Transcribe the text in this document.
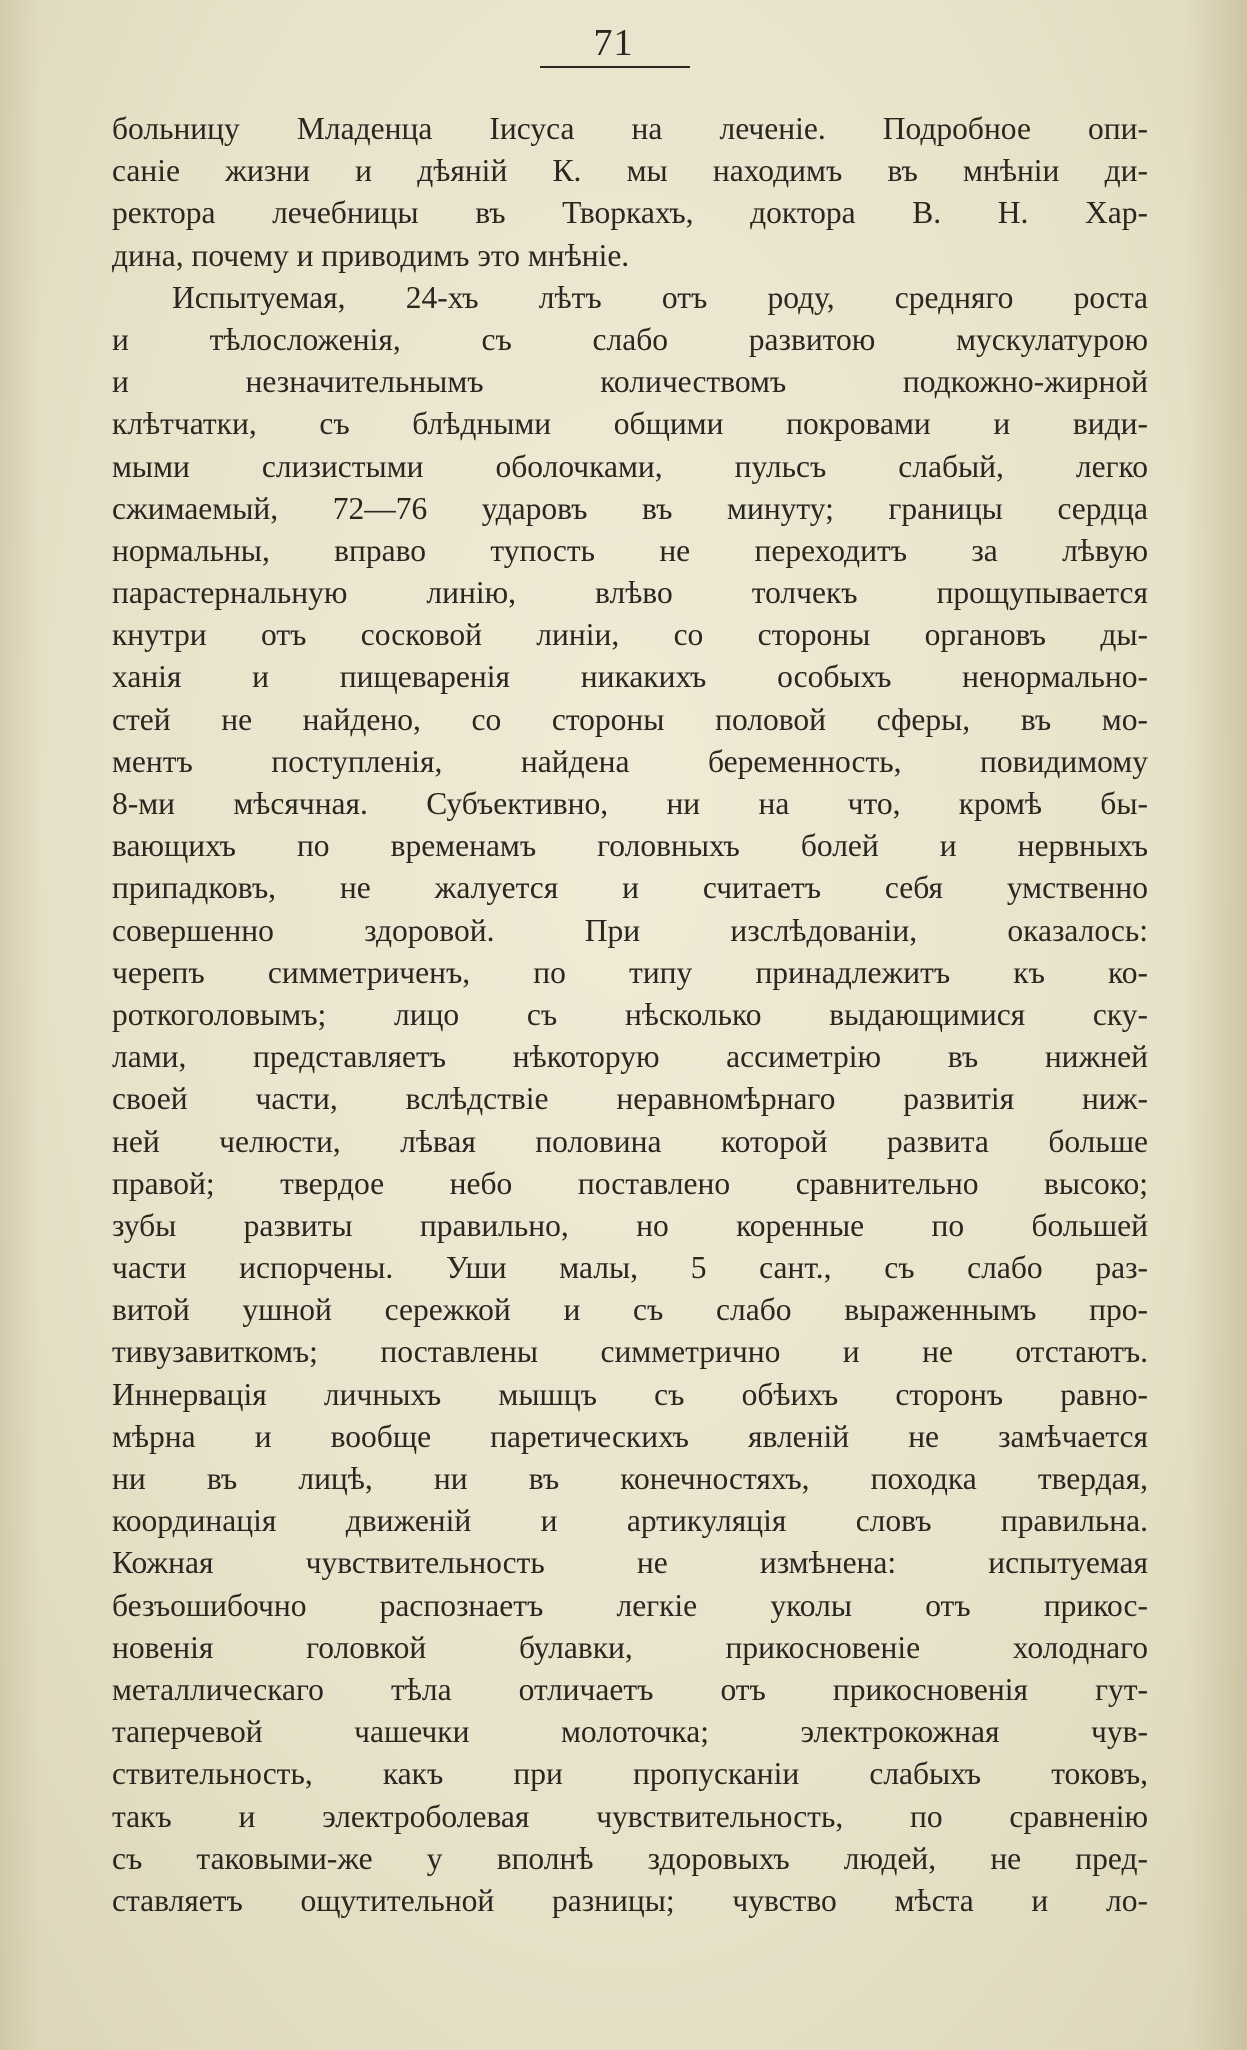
71
больницу Младенца Іисуса на леченіе. Подробное опи-
саніе жизни и дѣяній К. мы находимъ въ мнѣніи ди-
ректора лечебницы въ Творкахъ, доктора В. Н. Хар-
дина, почему и приводимъ это мнѣніе.
Испытуемая, 24-хъ лѣтъ отъ роду, средняго роста
и тѣлосложенія, съ слабо развитою мускулатурою
и незначительнымъ количествомъ подкожно-жирной
клѣтчатки, съ блѣдными общими покровами и види-
мыми слизистыми оболочками, пульсъ слабый, легко
сжимаемый, 72—76 ударовъ въ минуту; границы сердца
нормальны, вправо тупость не переходитъ за лѣвую
парастернальную линію, влѣво толчекъ прощупывается
кнутри отъ сосковой линіи, со стороны органовъ ды-
ханія и пищеваренія никакихъ особыхъ ненормально-
стей не найдено, со стороны половой сферы, въ мо-
ментъ поступленія, найдена беременность, повидимому
8-ми мѣсячная. Субъективно, ни на что, кромѣ бы-
вающихъ по временамъ головныхъ болей и нервныхъ
припадковъ, не жалуется и считаетъ себя умственно
совершенно здоровой. При изслѣдованіи, оказалось:
черепъ симметриченъ, по типу принадлежитъ къ ко-
роткоголовымъ; лицо съ нѣсколько выдающимися ску-
лами, представляетъ нѣкоторую ассиметрію въ нижней
своей части, вслѣдствіе неравномѣрнаго развитія ниж-
ней челюсти, лѣвая половина которой развита больше
правой; твердое небо поставлено сравнительно высоко;
зубы развиты правильно, но коренные по большей
части испорчены. Уши малы, 5 сант., съ слабо раз-
витой ушной сережкой и съ слабо выраженнымъ про-
тивузавиткомъ; поставлены симметрично и не отстаютъ.
Иннервація личныхъ мышцъ съ обѣихъ сторонъ равно-
мѣрна и вообще паретическихъ явленій не замѣчается
ни въ лицѣ, ни въ конечностяхъ, походка твердая,
координація движеній и артикуляція словъ правильна.
Кожная чувствительность не измѣнена: испытуемая
безъошибочно распознаетъ легкіе уколы отъ прикос-
новенія головкой булавки, прикосновеніе холоднаго
металлическаго тѣла отличаетъ отъ прикосновенія гут-
таперчевой чашечки молоточка; электрокожная чув-
ствительность, какъ при пропусканіи слабыхъ токовъ,
такъ и электроболевая чувствительность, по сравненію
съ таковыми-же у вполнѣ здоровыхъ людей, не пред-
ставляетъ ощутительной разницы; чувство мѣста и ло-
